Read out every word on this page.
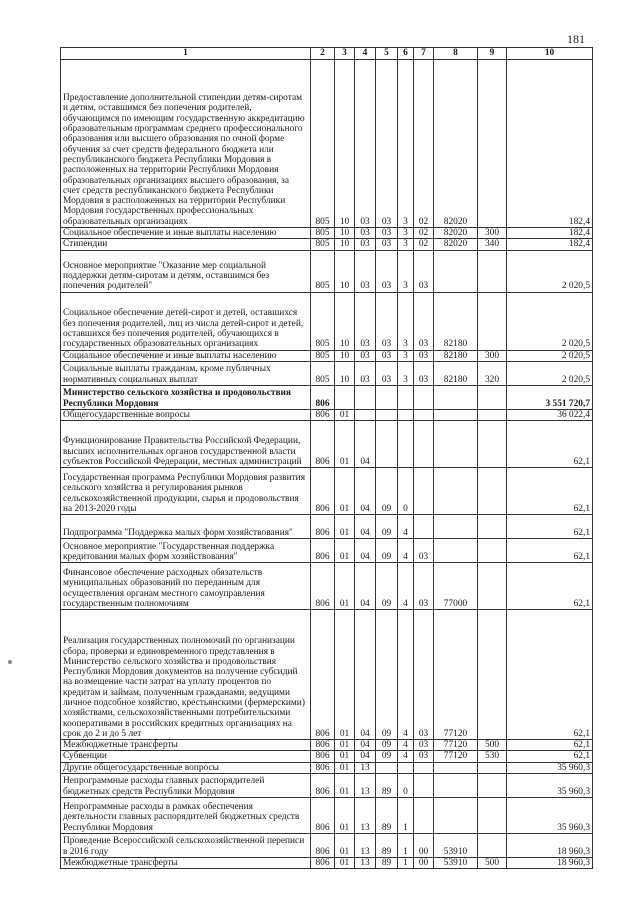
181
1	2	3	4	5	6	7	8	9	10
Предоставление дополнительной стипендии детям-сиротам и детям, оставшимся без попечения родителей, обучающимся по имеющим государственную аккредитацию образовательным программам среднего профессионального образования или высшего образования по очной форме обучения за счет средств федерального бюджета или республиканского бюджета Республики Мордовия в расположенных на территории Республики Мордовия образовательных организациях высшего образования, за счет средств республиканского бюджета Республики Мордовия в расположенных на территории Республики Мордовия государственных профессиональных образовательных организациях	805	10	03	03	3	02	82020		182,4
Социальное обеспечение и иные выплаты населению	805	10	03	03	3	02	82020	300	182,4
Стипендии	805	10	03	03	3	02	82020	340	182,4
Основное мероприятие "Оказание мер социальной поддержки детям-сиротам и детям, оставшимся без попечения родителей"	805	10	03	03	3	03			2 020,5
Социальное обеспечение детей-сирот и детей, оставшихся без попечения родителей, лиц из числа детей-сирот и детей, оставшихся без попечения родителей, обучающихся в государственных образовательных организациях	805	10	03	03	3	03	82180		2 020,5
Социальное обеспечение и иные выплаты населению	805	10	03	03	3	03	82180	300	2 020,5
Социальные выплаты гражданам, кроме публичных нормативных социальных выплат	805	10	03	03	3	03	82180	320	2 020,5
Министерство сельского хозяйства и продовольствия Республики Мордовия	806								3 551 720,7
Общегосударственные вопросы	806	01							36 022,4
Функционирование Правительства Российской Федерации, высших исполнительных органов государственной власти субъектов Российской Федерации, местных администраций	806	01	04						62,1
Государственная программа Республики Мордовия развития сельского хозяйства и регулирования рынков сельскохозяйственной продукции, сырья и продовольствия на 2013-2020 годы	806	01	04	09	0				62,1
Подпрограмма "Поддержка малых форм хозяйствования"	806	01	04	09	4				62,1
Основное мероприятие "Государственная поддержка кредитования малых форм хозяйствования"	806	01	04	09	4	03			62,1
Финансовое обеспечение расходных обязательств муниципальных образований по переданным для осуществления органам местного самоуправления государственным полномочиям	806	01	04	09	4	03	77000		62,1
Реализация государственных полномочий по организации сбора, проверки и единовременного представления в Министерство сельского хозяйства и продовольствия Республики Мордовия документов на получение субсидий на возмещение части затрат на уплату процентов по кредитам и займам, полученным гражданами, ведущими личное подсобное хозяйство, крестьянскими (фермерскими) хозяйствами, сельскохозяйственными потребительскими кооперативами в российских кредитных организациях на срок до 2 и до 5 лет	806	01	04	09	4	03	77120		62,1
Межбюджетные трансферты	806	01	04	09	4	03	77120	500	62,1
Субвенции	806	01	04	09	4	03	77120	530	62,1
Другие общегосударственные вопросы	806	01	13						35 960,3
Непрограммные расходы главных распорядителей бюджетных средств Республики Мордовия	806	01	13	89	0				35 960,3
Непрограммные расходы в рамках обеспечения деятельности главных распорядителей бюджетных средств Республики Мордовия	806	01	13	89	1				35 960,3
Проведение Всероссийской сельскохозяйственной переписи в 2016 году	806	01	13	89	1	00	53910		18 960,3
Межбюджетные трансферты	806	01	13	89	1	00	53910	500	18 960,3
